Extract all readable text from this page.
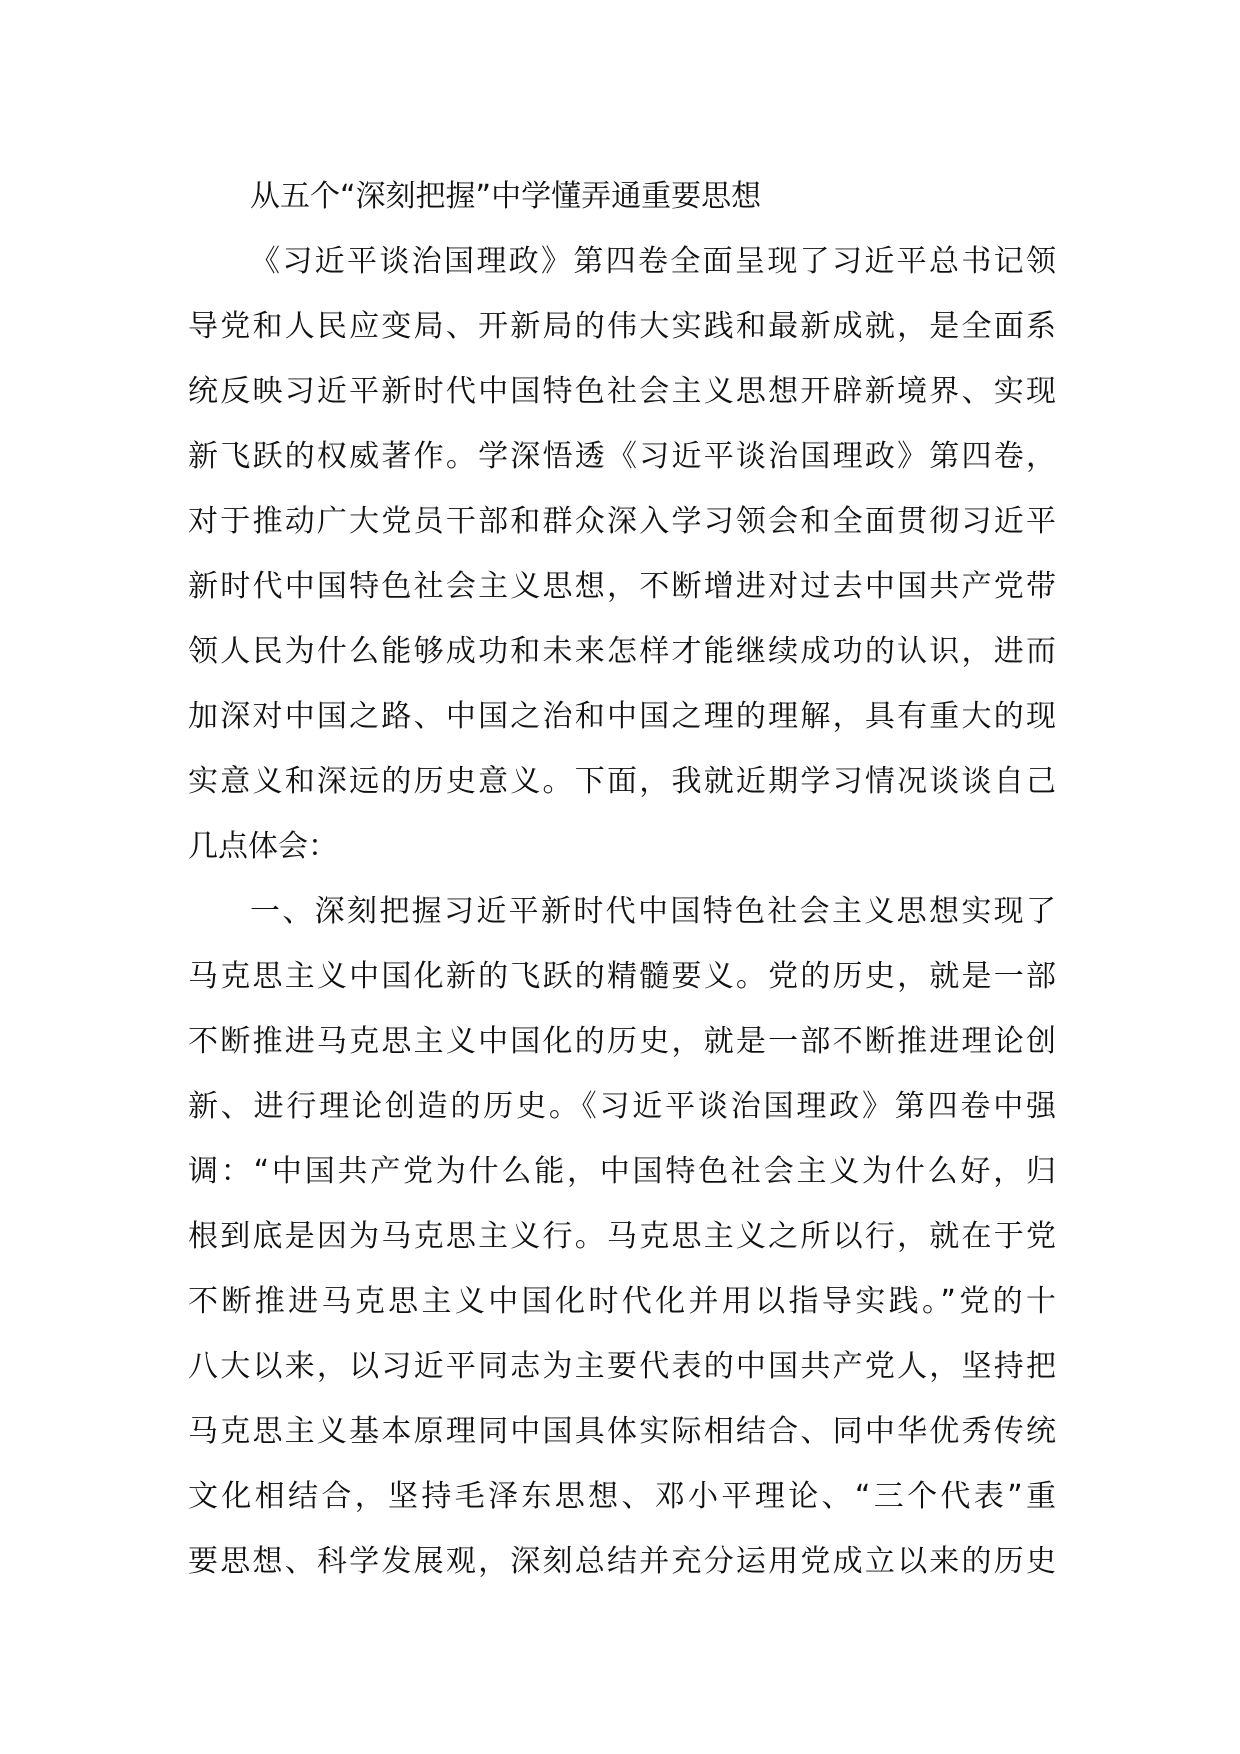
从五个“深刻把握”中学懂弄通重要思想
《习近平谈治国理政》第四卷全面呈现了习近平总书记领
导党和人民应变局、开新局的伟大实践和最新成就，是全面系
统反映习近平新时代中国特色社会主义思想开辟新境界、实现
新飞跃的权威著作。学深悟透《习近平谈治国理政》第四卷，
对于推动广大党员干部和群众深入学习领会和全面贯彻习近平
新时代中国特色社会主义思想，不断增进对过去中国共产党带
领人民为什么能够成功和未来怎样才能继续成功的认识，进而
加深对中国之路、中国之治和中国之理的理解，具有重大的现
实意义和深远的历史意义。下面，我就近期学习情况谈谈自己
几点体会：
一、深刻把握习近平新时代中国特色社会主义思想实现了
马克思主义中国化新的飞跃的精髓要义。党的历史，就是一部
不断推进马克思主义中国化的历史，就是一部不断推进理论创
新、进行理论创造的历史。《习近平谈治国理政》第四卷中强
调：“中国共产党为什么能，中国特色社会主义为什么好，归
根到底是因为马克思主义行。马克思主义之所以行，就在于党
不断推进马克思主义中国化时代化并用以指导实践。”党的十
八大以来，以习近平同志为主要代表的中国共产党人，坚持把
马克思主义基本原理同中国具体实际相结合、同中华优秀传统
文化相结合，坚持毛泽东思想、邓小平理论、“三个代表”重
要思想、科学发展观，深刻总结并充分运用党成立以来的历史
